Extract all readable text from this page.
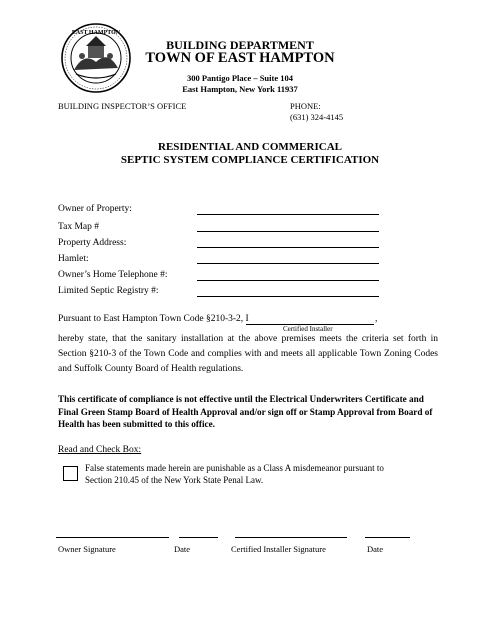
EAST HAMPTON
BUILDING DEPARTMENT
TOWN OF EAST HAMPTON
300 Pantigo Place – Suite 104
East Hampton, New York 11937
BUILDING INSPECTOR’S OFFICE	PHONE:
(631) 324-4145
RESIDENTIAL AND COMMERICAL
SEPTIC SYSTEM COMPLIANCE CERTIFICATION
Owner of Property:
Tax Map #
Property Address:
Hamlet:
Owner’s Home Telephone #:
Limited Septic Registry #:
Pursuant to East Hampton Town Code §210-3-2, I	,
Certified Installer
hereby state, that the sanitary installation at the above premises meets the criteria set forth in Section §210-3 of the Town Code and complies with and meets all applicable Town Zoning Codes and Suffolk County Board of Health regulations.
This certificate of compliance is not effective until the Electrical Underwriters Certificate and Final Green Stamp Board of Health Approval and/or sign off or Stamp Approval from Board of Health has been submitted to this office.
Read and Check Box:
False statements made herein are punishable as a Class A misdemeanor pursuant to
Section 210.45 of the New York State Penal Law.
Owner Signature	Date	Certified Installer Signature	Date
